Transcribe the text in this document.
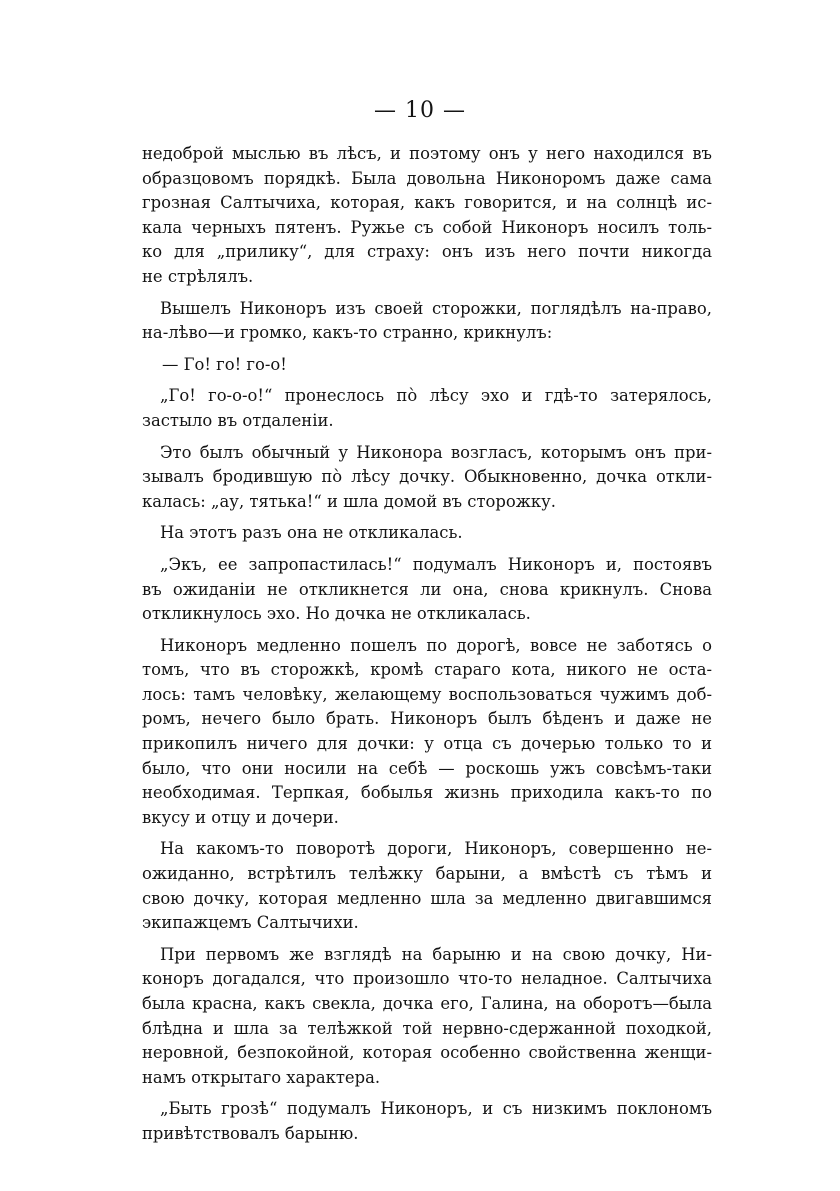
— 10 —

недоброй мыслью въ лѣсъ, и поэтому онъ у него находился въ
образцовомъ порядкѣ. Была довольна Никоноромъ даже сама
грозная Салтычиха, которая, какъ говорится, и на солнцѣ ис-
кала черныхъ пятенъ. Ружье съ собой Никоноръ носилъ толь-
ко для „прилику“, для страху: онъ изъ него почти никогда
не стрѣлялъ.

Вышелъ Никоноръ изъ своей сторожки, поглядѣлъ на-право,
на-лѣво—и громко, какъ-то странно, крикнулъ:

— Го! го! го-о!

„Го! го-о-о!“ пронеслось по̀ лѣсу эхо и гдѣ-то затерялось,
застыло въ отдаленіи.

Это былъ обычный у Никонора возгласъ, которымъ онъ при-
зывалъ бродившую по̀ лѣсу дочку. Обыкновенно, дочка откли-
калась: „ау, тятька!“ и шла домой въ сторожку.

На этотъ разъ она не откликалась.

„Экъ, ее запропастилась!“ подумалъ Никоноръ и, постоявъ
въ ожиданіи не откликнется ли она, снова крикнулъ. Снова
откликнулось эхо. Но дочка не откликалась.

Никоноръ медленно пошелъ по дорогѣ, вовсе не заботясь о
томъ, что въ сторожкѣ, кромѣ стараго кота, никого не оста-
лось: тамъ человѣку, желающему воспользоваться чужимъ доб-
ромъ, нечего было брать. Никоноръ былъ бѣденъ и даже не
прикопилъ ничего для дочки: у отца съ дочерью только то и
было, что они носили на себѣ — роскошь ужъ совсѣмъ-таки
необходимая. Терпкая, бобылья жизнь приходила какъ-то по
вкусу и отцу и дочери.

На какомъ-то поворотѣ дороги, Никоноръ, совершенно не-
ожиданно, встрѣтилъ телѣжку барыни, а вмѣстѣ съ тѣмъ и
свою дочку, которая медленно шла за медленно двигавшимся
экипажцемъ Салтычихи.

При первомъ же взглядѣ на барыню и на свою дочку, Ни-
коноръ догадался, что произошло что-то неладное. Салтычиха
была красна, какъ свекла, дочка его, Галина, на оборотъ—была
блѣдна и шла за телѣжкой той нервно-сдержанной походкой,
неровной, безпокойной, которая особенно свойственна женщи-
намъ открытаго характера.

„Быть грозѣ“ подумалъ Никоноръ, и съ низкимъ поклономъ
привѣтствовалъ барыню.
